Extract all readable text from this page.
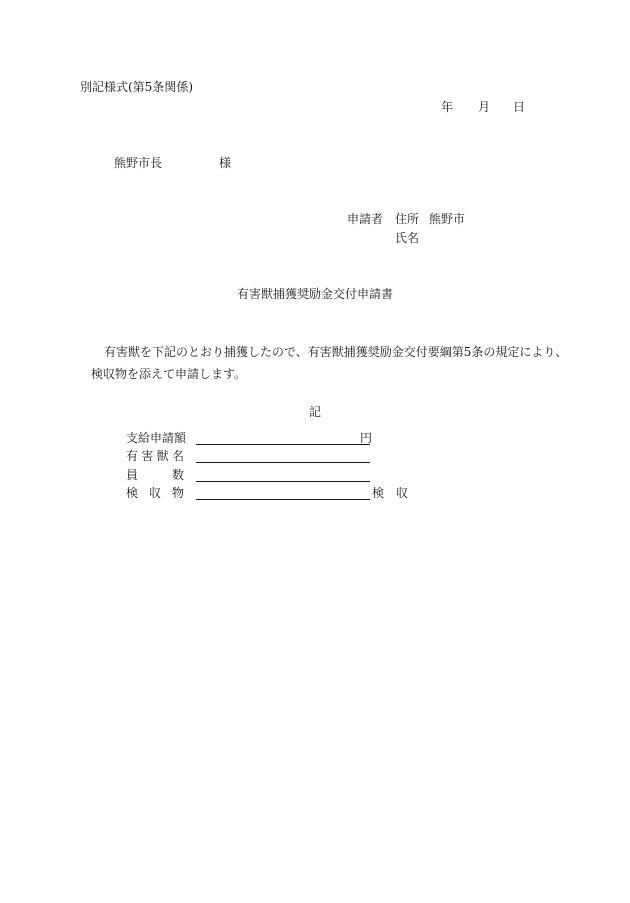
別記様式(第5条関係)
年 月 日
熊野市長	様
申請者 住所 熊野市
氏名
有害獣捕獲奨励金交付申請書
有害獣を下記のとおり捕獲したので、有害獣捕獲奨励金交付要綱第5条の規定により、
検収物を添えて申請します。
記
支給申請額	円
有害獣名
員数
検収物	検　収
